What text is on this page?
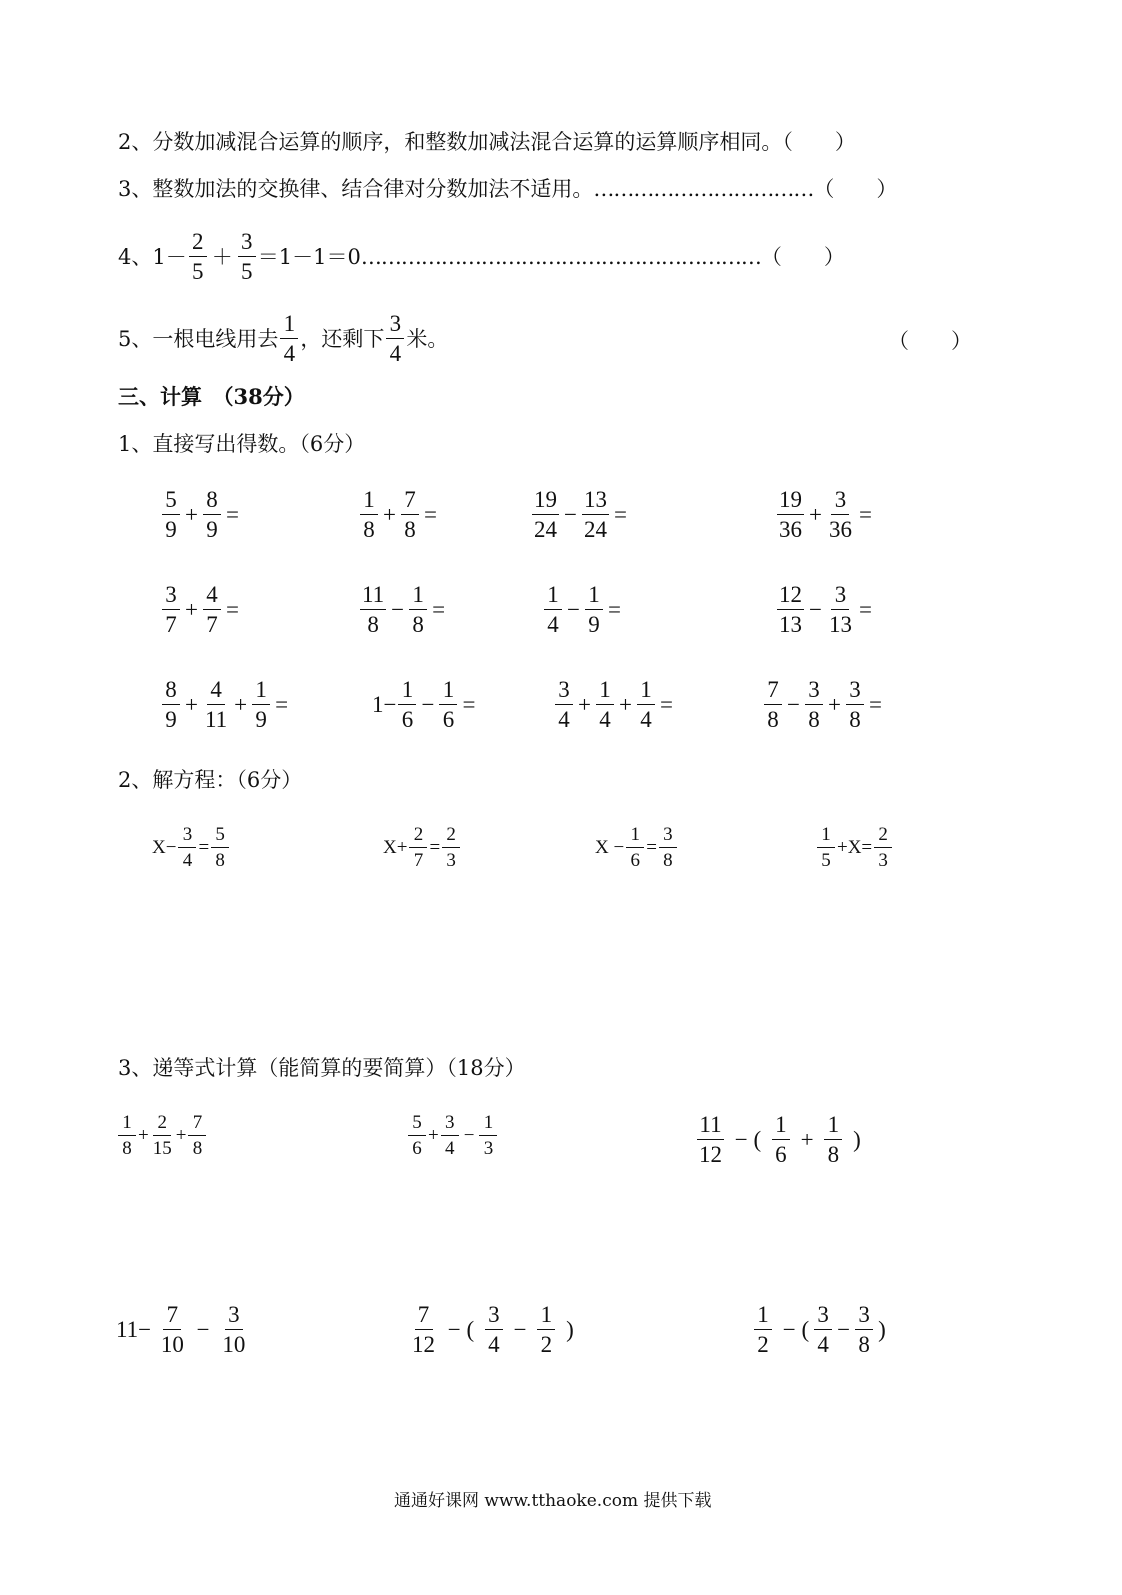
2、分数加减混合运算的顺序，和整数加减法混合运算的运算顺序相同。（　　）
3、整数加法的交换律、结合律对分数加法不适用。……………………………（　　）
4、$1- \frac{2}{5} + \frac{3}{5} =1-1=0$ …………………………………………………… （　　）
5、一根电线用去 $\frac{1}{4}$ ，还剩下 $\frac{3}{4}$ 米。	（　　）
三、计算　（38分）
1、直接写出得数。（6分）
$\frac{5}{9} + \frac{8}{9}$ =	$\frac{1}{8} + \frac{7}{8}$ =	$\frac{19}{24} - \frac{13}{24}$ =	$\frac{19}{36} + \frac{3}{36}$ =
$\frac{3}{7} + \frac{4}{7}$ =	$\frac{11}{8} - \frac{1}{8}$ =	$\frac{1}{4} - \frac{1}{9}$ =	$\frac{12}{13} - \frac{3}{13}$ =
$\frac{8}{9} + \frac{4}{11} + \frac{1}{9}$ =	$1- \frac{1}{6} - \frac{1}{6}$ =	$\frac{3}{4} + \frac{1}{4} + \frac{1}{4}$ =	$\frac{7}{8} - \frac{3}{8} + \frac{3}{8}$ =
2、解方程：（6分）
$X- \frac{3}{4} = \frac{5}{8}$	$X+ \frac{2}{7} = \frac{2}{3}$	$X - \frac{1}{6} = \frac{3}{8}$	$\frac{1}{5} +X= \frac{2}{3}$
3、递等式计算（能简算的要简算）（18分）
$\frac{1}{8} + \frac{2}{15} + \frac{7}{8}$	$\frac{5}{6} + \frac{3}{4} - \frac{1}{3}$	$\frac{11}{12}$ − ( $\frac{1}{6} + \frac{1}{8}$ )
$11- \frac{7}{10} - \frac{3}{10}$	$\frac{7}{12}$ − ( $\frac{3}{4} - \frac{1}{2}$ )	$\frac{1}{2}$ − ( $\frac{3}{4} - \frac{3}{8}$ )
通通好课网 www.tthaoke.com 提供下载
